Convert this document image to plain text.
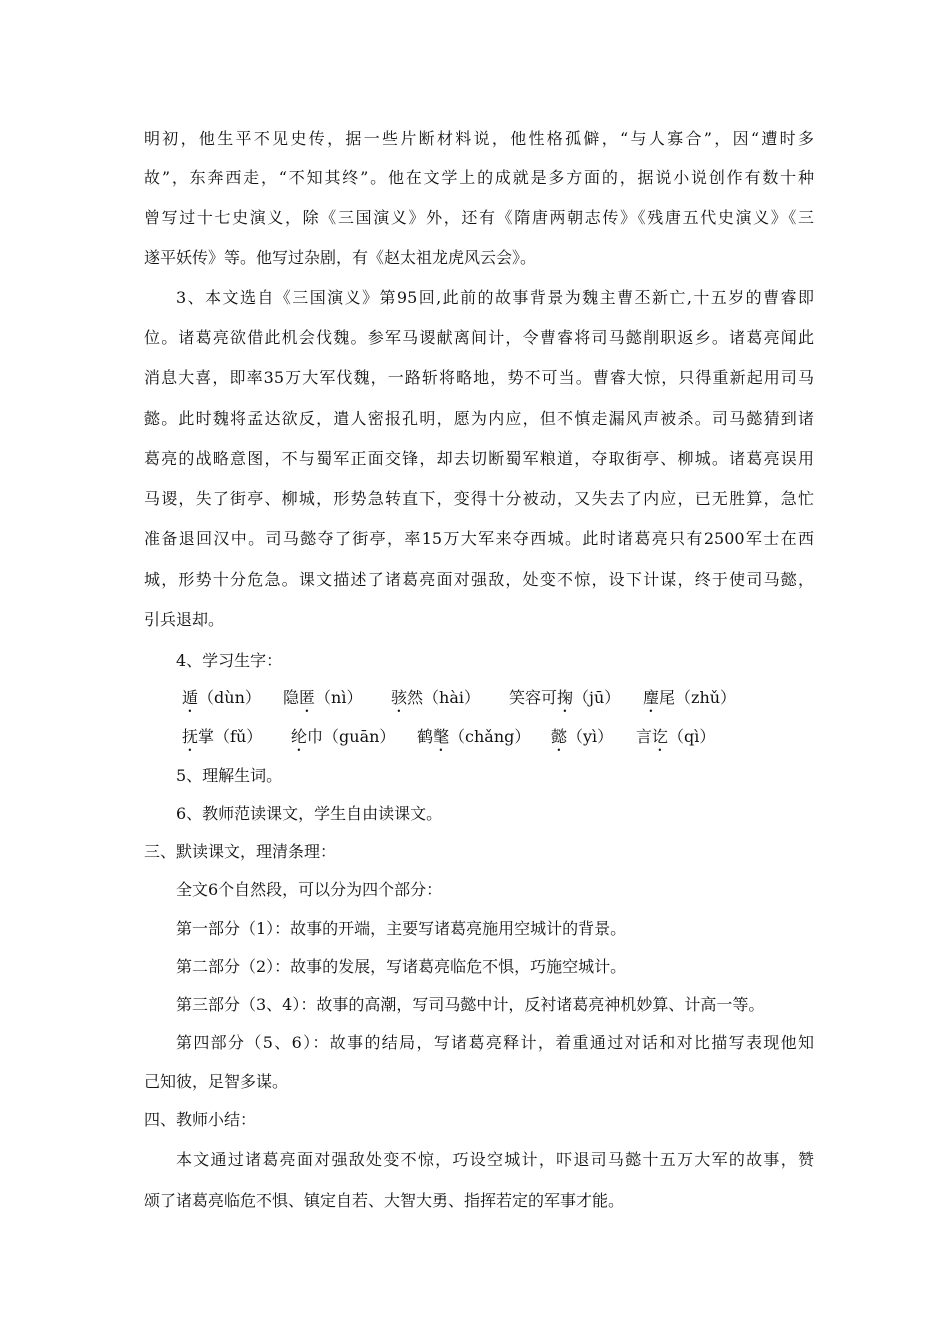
明初，他生平不见史传，据一些片断材料说，他性格孤僻，“与人寡合”，因“遭时多
故”，东奔西走，“不知其终”。他在文学上的成就是多方面的，据说小说创作有数十种
曾写过十七史演义，除《三国演义》外，还有《隋唐两朝志传》《残唐五代史演义》《三
遂平妖传》等。他写过杂剧，有《赵太祖龙虎风云会》。
3、本文选自《三国演义》第95回,此前的故事背景为魏主曹丕新亡,十五岁的曹睿即
位。诸葛亮欲借此机会伐魏。参军马谡献离间计，令曹睿将司马懿削职返乡。诸葛亮闻此
消息大喜，即率35万大军伐魏，一路斩将略地，势不可当。曹睿大惊，只得重新起用司马
懿。此时魏将孟达欲反，遣人密报孔明，愿为内应，但不慎走漏风声被杀。司马懿猜到诸
葛亮的战略意图，不与蜀军正面交锋，却去切断蜀军粮道，夺取街亭、柳城。诸葛亮误用
马谡，失了街亭、柳城，形势急转直下，变得十分被动，又失去了内应，已无胜算，急忙
准备退回汉中。司马懿夺了街亭，率15万大军来夺西城。此时诸葛亮只有2500军士在西
城，形势十分危急。课文描述了诸葛亮面对强敌，处变不惊，设下计谋，终于使司马懿，
引兵退却。
4、学习生字：
遁（dùn） 隐匿（nì） 骇然（hài） 笑容可掬（jū） 麈尾（zhǔ）
抚掌（fǔ） 纶巾（guān） 鹤氅（chǎng） 懿（yì） 言讫（qì）
5、理解生词。
6、教师范读课文，学生自由读课文。
三、默读课文，理清条理：
全文6个自然段，可以分为四个部分：
第一部分（1）：故事的开端，主要写诸葛亮施用空城计的背景。
第二部分（2）：故事的发展，写诸葛亮临危不惧，巧施空城计。
第三部分（3、4）：故事的高潮，写司马懿中计，反衬诸葛亮神机妙算、计高一等。
第四部分（5、6）：故事的结局，写诸葛亮释计，着重通过对话和对比描写表现他知
己知彼，足智多谋。
四、教师小结：
本文通过诸葛亮面对强敌处变不惊，巧设空城计，吓退司马懿十五万大军的故事，赞
颂了诸葛亮临危不惧、镇定自若、大智大勇、指挥若定的军事才能。
